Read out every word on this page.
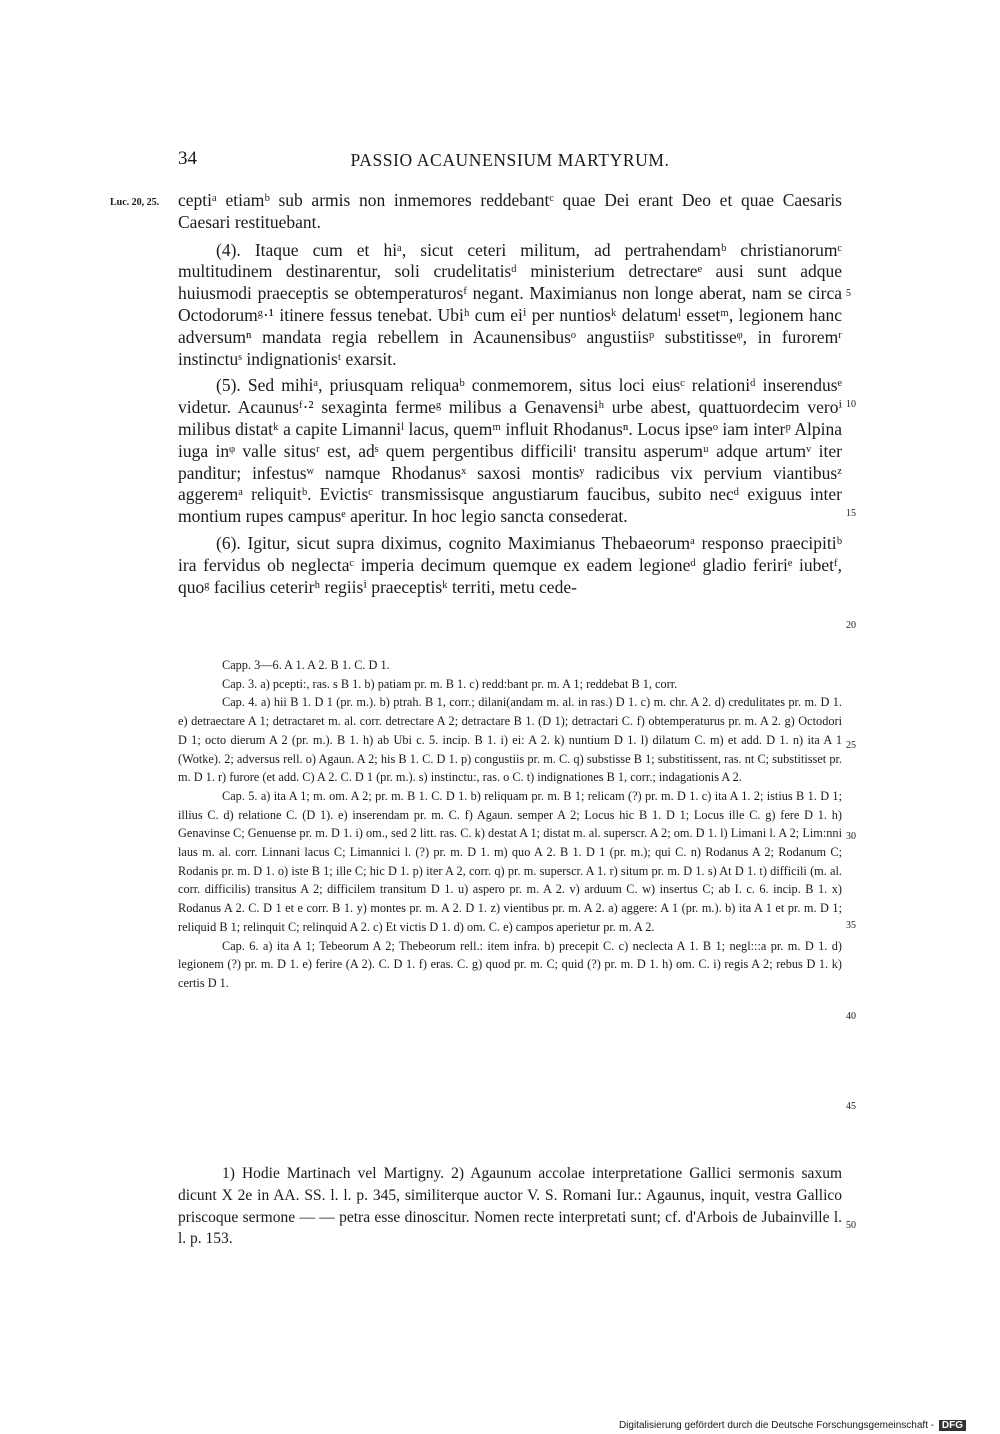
34	PASSIO ACAUNENSIUM MARTYRUM.
Luc. 20, 25. ceptiᵃ etiamᵇ sub armis non inmemores reddebantᶜ quae Dei erant Deo et quae Caesaris Caesari restituebant.

(4). Itaque cum et hiᵃ, sicut ceteri militum, ad pertrahendamᵇ christianorumᶜ multitudinem destinarentur, soli crudelitatisᵈ ministerium detrectareᵉ ausi sunt adque huiusmodi praeceptis se obtemperaturosᶠ negant. Maximianus non longe aberat, nam se circa Octodorumᵍ·¹ itinere fessus tenebat. Ubiʰ cum eiⁱ per nuntiosᵏ delatumˡ essetᵐ, legionem hanc adversumⁿ mandata regia rebellem in Acaunensibusᵒ angustiisᵖ substitisseᵠ, in furoremʳ instinctuˢ indignationisᵗ exarsit.

(5). Sed mihiᵃ, priusquam reliquaᵇ conmemorem, situs loci eiusᶜ relationiᵈ inserendusᵉ videtur. Acaunusᶠ·² sexaginta fermeᵍ milibus a Genavensiʰ urbe abest, quattuordecim veroⁱ milibus distatᵏ a capite Limanniˡ lacus, quemᵐ influit Rhodanusⁿ. Locus ipseᵒ iam interᵖ Alpina iuga inᵠ valle situsʳ est, adˢ quem pergentibus difficiliᵗ transitu asperumᵘ adque artumᵛ iter panditur; infestusʷ namque Rhodanusˣ saxosi montisʸ radicibus vix pervium viantibusᶻ aggeremᵃ reliquitᵇ. Evictisᶜ transmissisque angustiarum faucibus, subito necᵈ exiguus inter montium rupes campusᵉ aperitur. In hoc legio sancta consederat.

(6). Igitur, sicut supra diximus, cognito Maximianus Thebaeorumᵃ responso praecipitiᵇ ira fervidus ob neglectaᶜ imperia decimum quemque ex eadem legioneᵈ gladio feririᵉ iubetᶠ, quoᵍ facilius ceterirʰ regiisⁱ praeceptisᵏ territi, metu cede-

5
10
15
20
25
30
35
40
45
50

Capp. 3—6. A 1. A 2. B 1. C. D 1.

Cap. 3. a) pcepti:, ras. s B 1. b) patiam pr. m. B 1. c) redd:bant pr. m. A 1; reddebat B 1, corr.

Cap. 4. a) hii B 1. D 1 (pr. m.). b) ptrah. B 1, corr.; dilani(andam m. al. in ras.) D 1. c) m. chr. A 2. d) credulitates pr. m. D 1. e) detraectare A 1; detractaret m. al. corr. detrectare A 2; detractare B 1. (D 1); detractari C. f) obtemperaturus pr. m. A 2. g) Octodori D 1; octo dierum A 2 (pr. m.). B 1. h) ab Ubi c. 5. incip. B 1. i) ei: A 2. k) nuntium D 1. l) dilatum C. m) et add. D 1. n) ita A 1 (Wotke). 2; adversus rell. o) Agaun. A 2; his B 1. C. D 1. p) congustiis pr. m. C. q) substisse B 1; substitissent, ras. nt C; substitisset pr. m. D 1. r) furore (et add. C) A 2. C. D 1 (pr. m.). s) instinctu:, ras. o C. t) indignationes B 1, corr.; indagationis A 2.

Cap. 5. a) ita A 1; m. om. A 2; pr. m. B 1. C. D 1. b) reliquam pr. m. B 1; relicam (?) pr. m. D 1. c) ita A 1. 2; istius B 1. D 1; illius C. d) relatione C. (D 1). e) inserendam pr. m. C. f) Agaun. semper A 2; Locus hic B 1. D 1; Locus ille C. g) fere D 1. h) Genavinse C; Genuense pr. m. D 1. i) om., sed 2 litt. ras. C. k) destat A 1; distat m. al. superscr. A 2; om. D 1. l) Limani l. A 2; Lim:nni laus m. al. corr. Linnani lacus C; Limannici l. (?) pr. m. D 1. m) quo A 2. B 1. D 1 (pr. m.); qui C. n) Rodanus A 2; Rodanum C; Rodanis pr. m. D 1. o) iste B 1; ille C; hic D 1. p) iter A 2, corr. q) pr. m. superscr. A 1. r) situm pr. m. D 1. s) At D 1. t) difficili (m. al. corr. difficilis) transitus A 2; difficilem transitum D 1. u) aspero pr. m. A 2. v) arduum C. w) insertus C; ab I. c. 6. incip. B 1. x) Rodanus A 2. C. D 1 et e corr. B 1. y) montes pr. m. A 2. D 1. z) vientibus pr. m. A 2. a) aggere: A 1 (pr. m.). b) ita A 1 et pr. m. D 1; reliquid B 1; relinquit C; relinquid A 2. c) Et victis D 1. d) om. C. e) campos aperietur pr. m. A 2.

Cap. 6. a) ita A 1; Tebeorum A 2; Thebeorum rell.: item infra. b) precepit C. c) neclecta A 1. B 1; negl:::a pr. m. D 1. d) legionem (?) pr. m. D 1. e) ferire (A 2). C. D 1. f) eras. C. g) quod pr. m. C; quid (?) pr. m. D 1. h) om. C. i) regis A 2; rebus D 1. k) certis D 1.

1) Hodie Martinach vel Martigny. 2) Agaunum accolae interpretatione Gallici sermonis saxum dicunt X 2e in AA. SS. l. l. p. 345, similiterque auctor V. S. Romani Iur.: Agaunus, inquit, vestra Gallico priscoque sermone — — petra esse dinoscitur. Nomen recte interpretati sunt; cf. d'Arbois de Jubainville l. l. p. 153.

Digitalisierung gefördert durch die Deutsche Forschungsgemeinschaft - DFG
